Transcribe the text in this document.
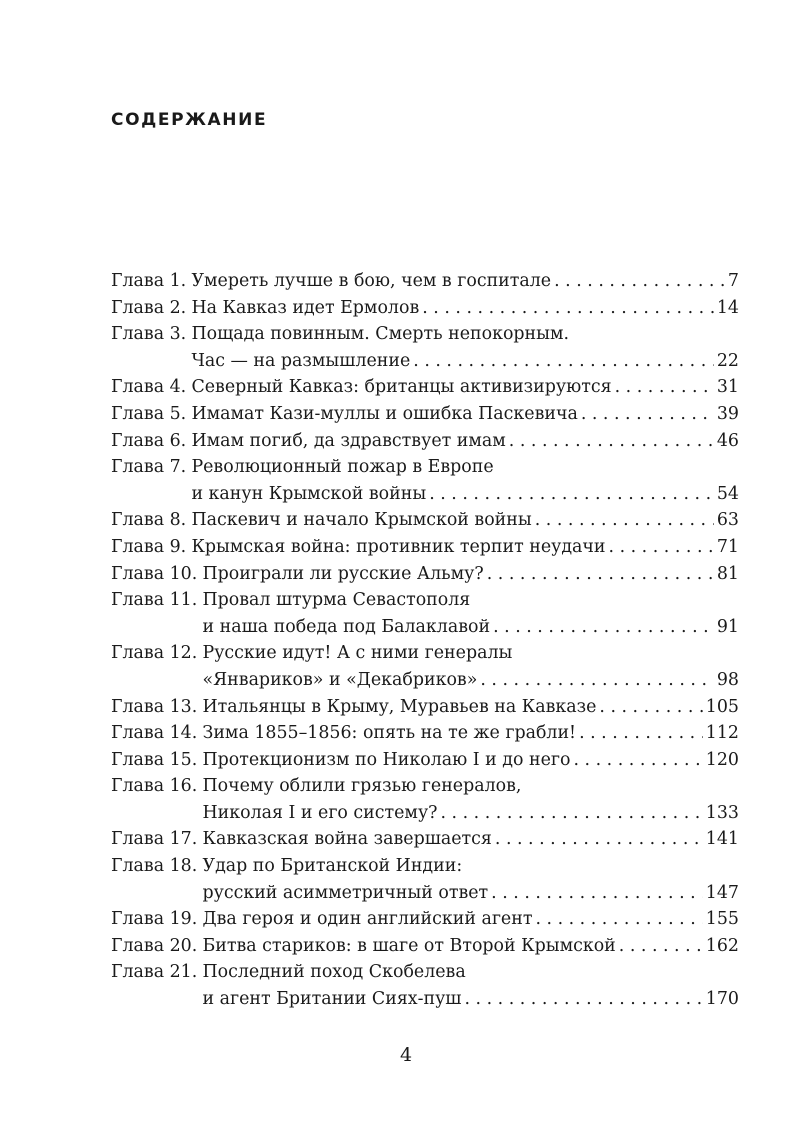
СОДЕРЖАНИЕ
Глава 1. Умереть лучше в бою, чем в госпитале . . .	7
Глава 2. На Кавказ идет Ермолов . . .	14
Глава 3. Пощада повинным. Смерть непокорным.
Час — на размышление . . .	22
Глава 4. Северный Кавказ: британцы активизируются . . .	31
Глава 5. Имамат Кази-муллы и ошибка Паскевича . . .	39
Глава 6. Имам погиб, да здравствует имам . . .	46
Глава 7. Революционный пожар в Европе
и канун Крымской войны . . .	54
Глава 8. Паскевич и начало Крымской войны . . .	63
Глава 9. Крымская война: противник терпит неудачи . . .	71
Глава 10. Проиграли ли русские Альму? . . .	81
Глава 11. Провал штурма Севастополя
и наша победа под Балаклавой . . .	91
Глава 12. Русские идут! А с ними генералы
«Январиков» и «Декабриков» . . .	98
Глава 13. Итальянцы в Крыму, Муравьев на Кавказе . . .	105
Глава 14. Зима 1855–1856: опять на те же грабли! . . .	112
Глава 15. Протекционизм по Николаю I и до него . . .	120
Глава 16. Почему облили грязью генералов,
Николая I и его систему? . . .	133
Глава 17. Кавказская война завершается . . .	141
Глава 18. Удар по Британской Индии:
русский асимметричный ответ . . .	147
Глава 19. Два героя и один английский агент . . .	155
Глава 20. Битва стариков: в шаге от Второй Крымской . . .	162
Глава 21. Последний поход Скобелева
и агент Британии Сиях-пуш . . .	170
4
